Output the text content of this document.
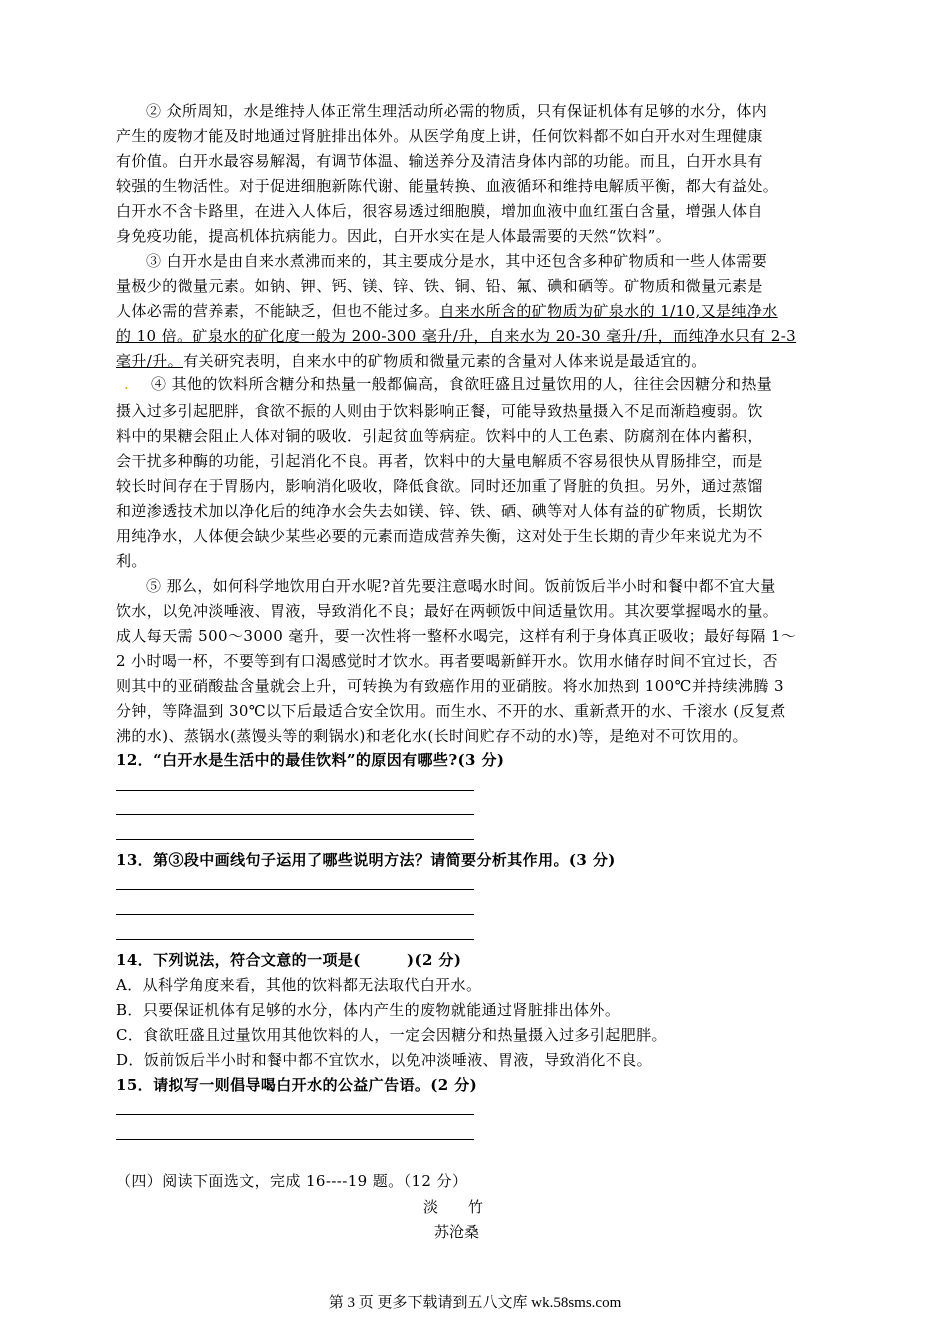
② 众所周知，水是维持人体正常生理活动所必需的物质，只有保证机体有足够的水分，体内
产生的废物才能及时地通过肾脏排出体外。从医学角度上讲，任何饮料都不如白开水对生理健康
有价值。白开水最容易解渴，有调节体温、输送养分及清洁身体内部的功能。而且，白开水具有
较强的生物活性。对于促进细胞新陈代谢、能量转换、血液循环和维持电解质平衡，都大有益处。
白开水不含卡路里，在进入人体后，很容易透过细胞膜，增加血液中血红蛋白含量，增强人体自
身免疫功能，提高机体抗病能力。因此，白开水实在是人体最需要的天然“饮料”。
③ 白开水是由自来水煮沸而来的，其主要成分是水，其中还包含多种矿物质和一些人体需要
量极少的微量元素。如钠、钾、钙、镁、锌、铁、铜、铅、氟、碘和硒等。矿物质和微量元素是
人体必需的营养素，不能缺乏，但也不能过多。自来水所含的矿物质为矿泉水的 1/10,又是纯净水
的 10 倍。矿泉水的矿化度一般为 200-300 毫升/升，自来水为 20-30 毫升/升，而纯净水只有 2-3
毫升/升。有关研究表明，自来水中的矿物质和微量元素的含量对人体来说是最适宜的。
. ④ 其他的饮料所含糖分和热量一般都偏高，食欲旺盛且过量饮用的人，往往会因糖分和热量
摄入过多引起肥胖，食欲不振的人则由于饮料影响正餐，可能导致热量摄入不足而渐趋瘦弱。饮
料中的果糖会阻止人体对铜的吸收．引起贫血等病症。饮料中的人工色素、防腐剂在体内蓄积，
会干扰多种酶的功能，引起消化不良。再者，饮料中的大量电解质不容易很快从胃肠排空，而是
较长时间存在于胃肠内，影响消化吸收，降低食欲。同时还加重了肾脏的负担。另外，通过蒸馏
和逆渗透技术加以净化后的纯净水会失去如镁、锌、铁、硒、碘等对人体有益的矿物质，长期饮
用纯净水，人体便会缺少某些必要的元素而造成营养失衡，这对处于生长期的青少年来说尤为不
利。
⑤ 那么，如何科学地饮用白开水呢?首先要注意喝水时间。饭前饭后半小时和餐中都不宜大量
饮水，以免冲淡唾液、胃液，导致消化不良；最好在两顿饭中间适量饮用。其次要掌握喝水的量。
成人每天需 500～3000 毫升，要一次性将一整杯水喝完，这样有利于身体真正吸收；最好每隔 1～
2 小时喝一杯，不要等到有口渴感觉时才饮水。再者要喝新鲜开水。饮用水储存时间不宜过长，否
则其中的亚硝酸盐含量就会上升，可转换为有致癌作用的亚硝胺。将水加热到 100℃并持续沸腾 3
分钟，等降温到 30℃以下后最适合安全饮用。而生水、不开的水、重新煮开的水、千滚水 (反复煮
沸的水)、蒸锅水(蒸馒头等的剩锅水)和老化水(长时间贮存不动的水)等，是绝对不可饮用的。
12．“白开水是生活中的最佳饮料”的原因有哪些?(3 分)
13．第③段中画线句子运用了哪些说明方法？请简要分析其作用。(3 分)
14．下列说法，符合文意的一项是(　　　)(2 分)
A．从科学角度来看，其他的饮料都无法取代白开水。
B．只要保证机体有足够的水分，体内产生的废物就能通过肾脏排出体外。
C．食欲旺盛且过量饮用其他饮料的人，一定会因糖分和热量摄入过多引起肥胖。
D．饭前饭后半小时和餐中都不宜饮水，以免冲淡唾液、胃液，导致消化不良。
15．请拟写一则倡导喝白开水的公益广告语。(2 分)
（四）阅读下面选文，完成 16----19 题。（12 分）
淡　　竹
苏沧桑
第 3 页 更多下载请到五八文库 wk.58sms.com
